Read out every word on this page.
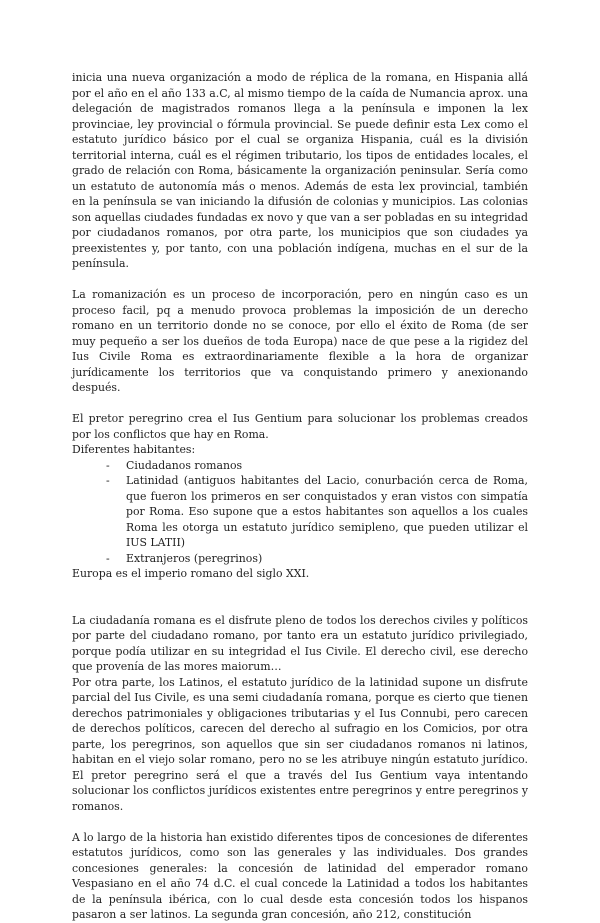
inicia una nueva organización a modo de réplica de la romana, en Hispania allá por el año en el año 133 a.C, al mismo tiempo de la caída de Numancia aprox. una delegación de magistrados romanos llega a la península e imponen la lex provinciae, ley provincial o fórmula provincial. Se puede definir esta Lex como el estatuto jurídico básico por el cual se organiza Hispania, cuál es la división territorial interna, cuál es el régimen tributario, los tipos de entidades locales, el grado de relación con Roma, básicamente la organización peninsular. Sería como un estatuto de autonomía más o menos. Además de esta lex provincial, también en la península se van iniciando la difusión de colonias y municipios. Las colonias son aquellas ciudades fundadas ex novo y que van a ser pobladas en su integridad por ciudadanos romanos, por otra parte, los municipios que son ciudades ya preexistentes y, por tanto, con una población indígena, muchas en el sur de la península.

La romanización es un proceso de incorporación, pero en ningún caso es un proceso facil, pq a menudo provoca problemas la imposición de un derecho romano en un territorio donde no se conoce, por ello el éxito de Roma (de ser muy pequeño a ser los dueños de toda Europa) nace de que pese a la rigidez del Ius Civile Roma es extraordinariamente flexible a la hora de organizar jurídicamente los territorios que va conquistando primero y anexionando después.

El pretor peregrino crea el Ius Gentium para solucionar los problemas creados por los conflictos que hay en Roma.

Diferentes habitantes:

- Ciudadanos romanos
- Latinidad (antiguos habitantes del Lacio, conurbación cerca de Roma, que fueron los primeros en ser conquistados y eran vistos con simpatía por Roma. Eso supone que a estos habitantes son aquellos a los cuales Roma les otorga un estatuto jurídico semipleno, que pueden utilizar el IUS LATII)
- Extranjeros (peregrinos)

Europa es el imperio romano del siglo XXI.

La ciudadanía romana es el disfrute pleno de todos los derechos civiles y políticos por parte del ciudadano romano, por tanto era un estatuto jurídico privilegiado, porque podía utilizar en su integridad el Ius Civile. El derecho civil, ese derecho que provenía de las mores maiorum…

Por otra parte, los Latinos, el estatuto jurídico de la latinidad supone un disfrute parcial del Ius Civile, es una semi ciudadanía romana, porque es cierto que tienen derechos patrimoniales y obligaciones tributarias y el Ius Connubi, pero carecen de derechos políticos, carecen del derecho al sufragio en los Comicios, por otra parte, los peregrinos, son aquellos que sin ser ciudadanos romanos ni latinos, habitan en el viejo solar romano, pero no se les atribuye ningún estatuto jurídico. El pretor peregrino será el que a través del Ius Gentium vaya intentando solucionar los conflictos jurídicos existentes entre peregrinos y entre peregrinos y romanos.

A lo largo de la historia han existido diferentes tipos de concesiones de diferentes estatutos jurídicos, como son las generales y las individuales. Dos grandes concesiones generales: la concesión de latinidad del emperador romano Vespasiano en el año 74 d.C. el cual concede la Latinidad a todos los habitantes de la península ibérica, con lo cual desde esta concesión todos los hispanos pasaron a ser latinos. La segunda gran concesión, año 212, constitución
